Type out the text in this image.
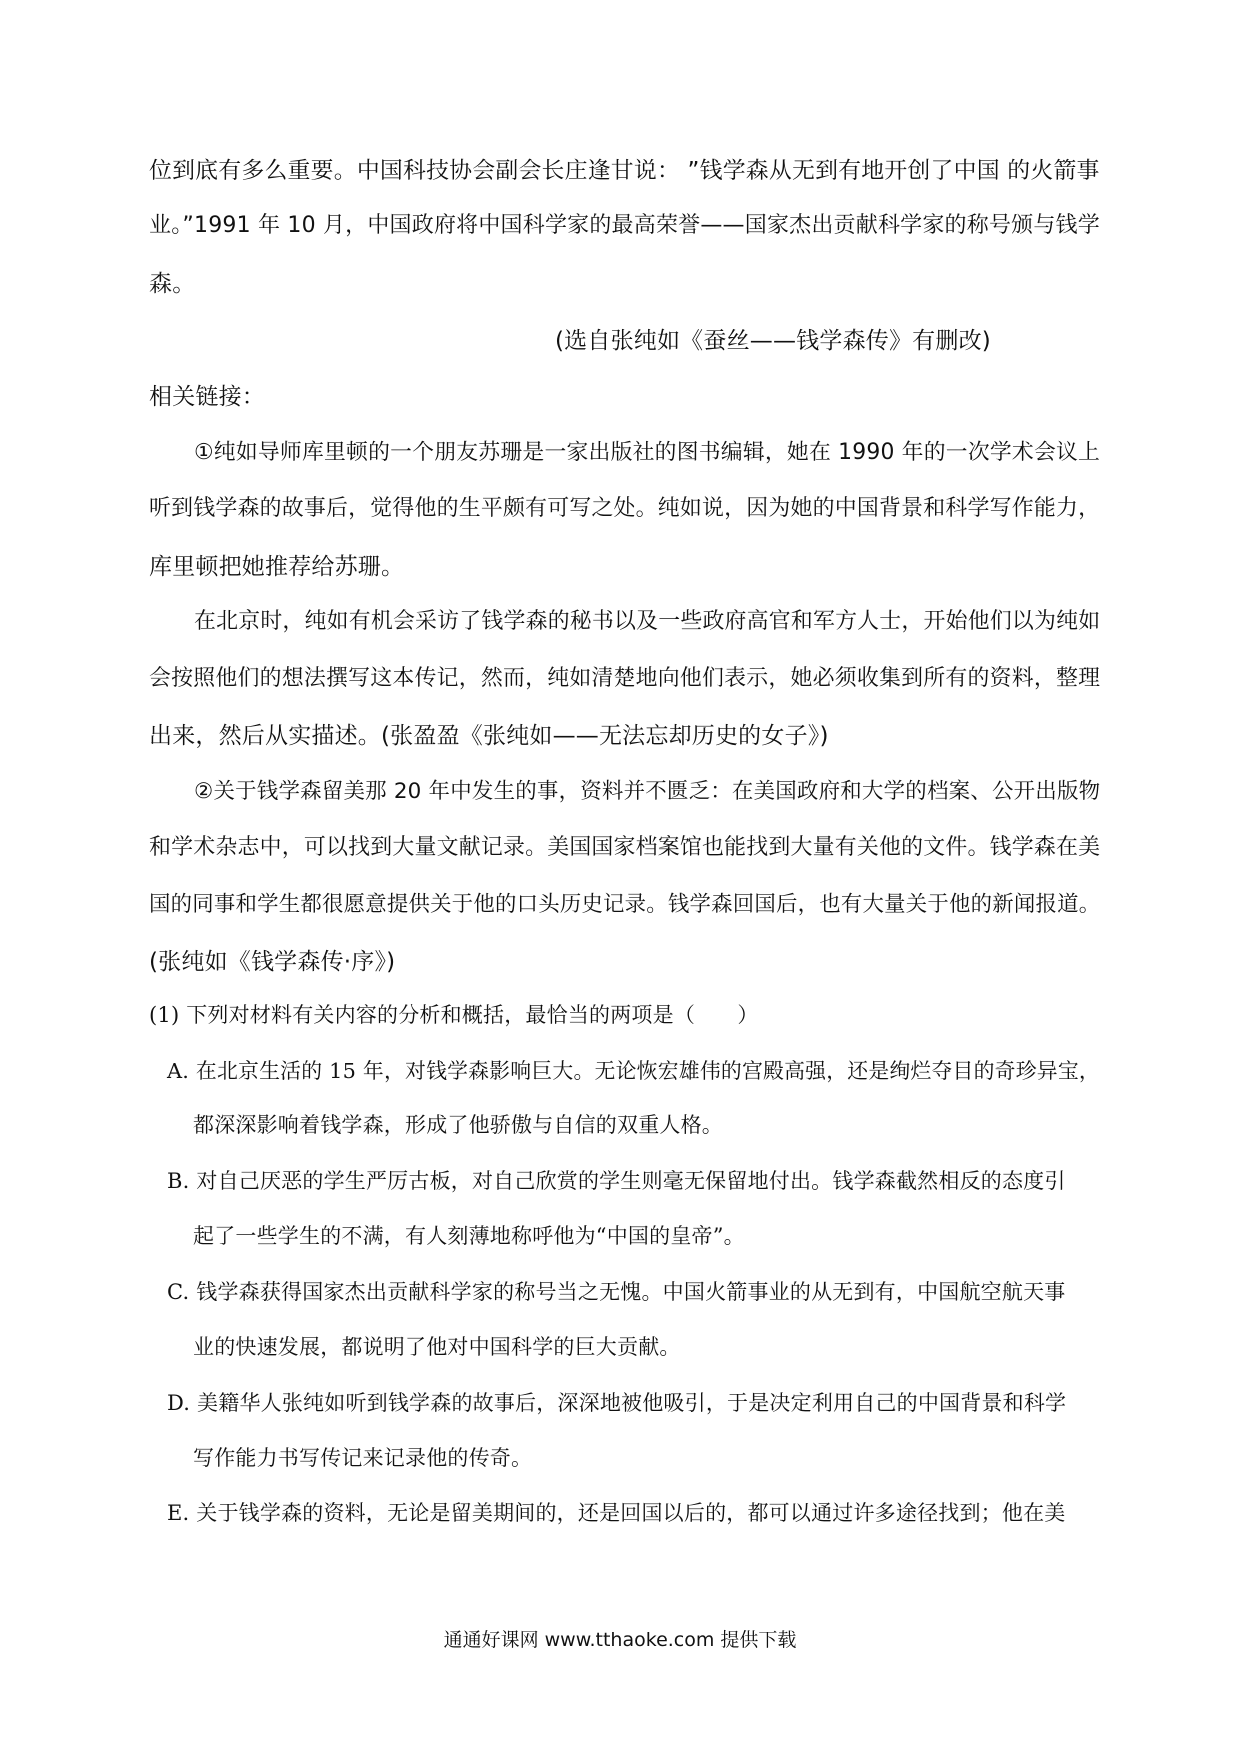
位到底有多么重要。中国科技协会副会长庄逢甘说： ”钱学森从无到有地开创了中国 的火箭事
业。”1991 年 10 月，中国政府将中国科学家的最高荣誉——国家杰出贡献科学家的称号颁与钱学
森。
(选自张纯如《蚕丝——钱学森传》有删改)
相关链接：
①纯如导师库里顿的一个朋友苏珊是一家出版社的图书编辑，她在 1990 年的一次学术会议上
听到钱学森的故事后，觉得他的生平颇有可写之处。纯如说，因为她的中国背景和科学写作能力，
库里顿把她推荐给苏珊。
在北京时，纯如有机会采访了钱学森的秘书以及一些政府高官和军方人士，开始他们以为纯如
会按照他们的想法撰写这本传记，然而，纯如清楚地向他们表示，她必须收集到所有的资料，整理
出来，然后从实描述。(张盈盈《张纯如——无法忘却历史的女子》)
②关于钱学森留美那 20 年中发生的事，资料并不匮乏：在美国政府和大学的档案、公开出版物
和学术杂志中，可以找到大量文献记录。美国国家档案馆也能找到大量有关他的文件。钱学森在美
国的同事和学生都很愿意提供关于他的口头历史记录。钱学森回国后，也有大量关于他的新闻报道。
(张纯如《钱学森传·序》)
(1) 下列对材料有关内容的分析和概括，最恰当的两项是（　　）
A. 在北京生活的 15 年，对钱学森影响巨大。无论恢宏雄伟的宫殿高强，还是绚烂夺目的奇珍异宝，
都深深影响着钱学森，形成了他骄傲与自信的双重人格。
B. 对自己厌恶的学生严厉古板，对自己欣赏的学生则毫无保留地付出。钱学森截然相反的态度引
起了一些学生的不满，有人刻薄地称呼他为“中国的皇帝”。
C. 钱学森获得国家杰出贡献科学家的称号当之无愧。中国火箭事业的从无到有，中国航空航天事
业的快速发展，都说明了他对中国科学的巨大贡献。
D. 美籍华人张纯如听到钱学森的故事后，深深地被他吸引，于是决定利用自己的中国背景和科学
写作能力书写传记来记录他的传奇。
E. 关于钱学森的资料，无论是留美期间的，还是回国以后的，都可以通过许多途径找到；他在美
通通好课网 www.tthaoke.com 提供下载
